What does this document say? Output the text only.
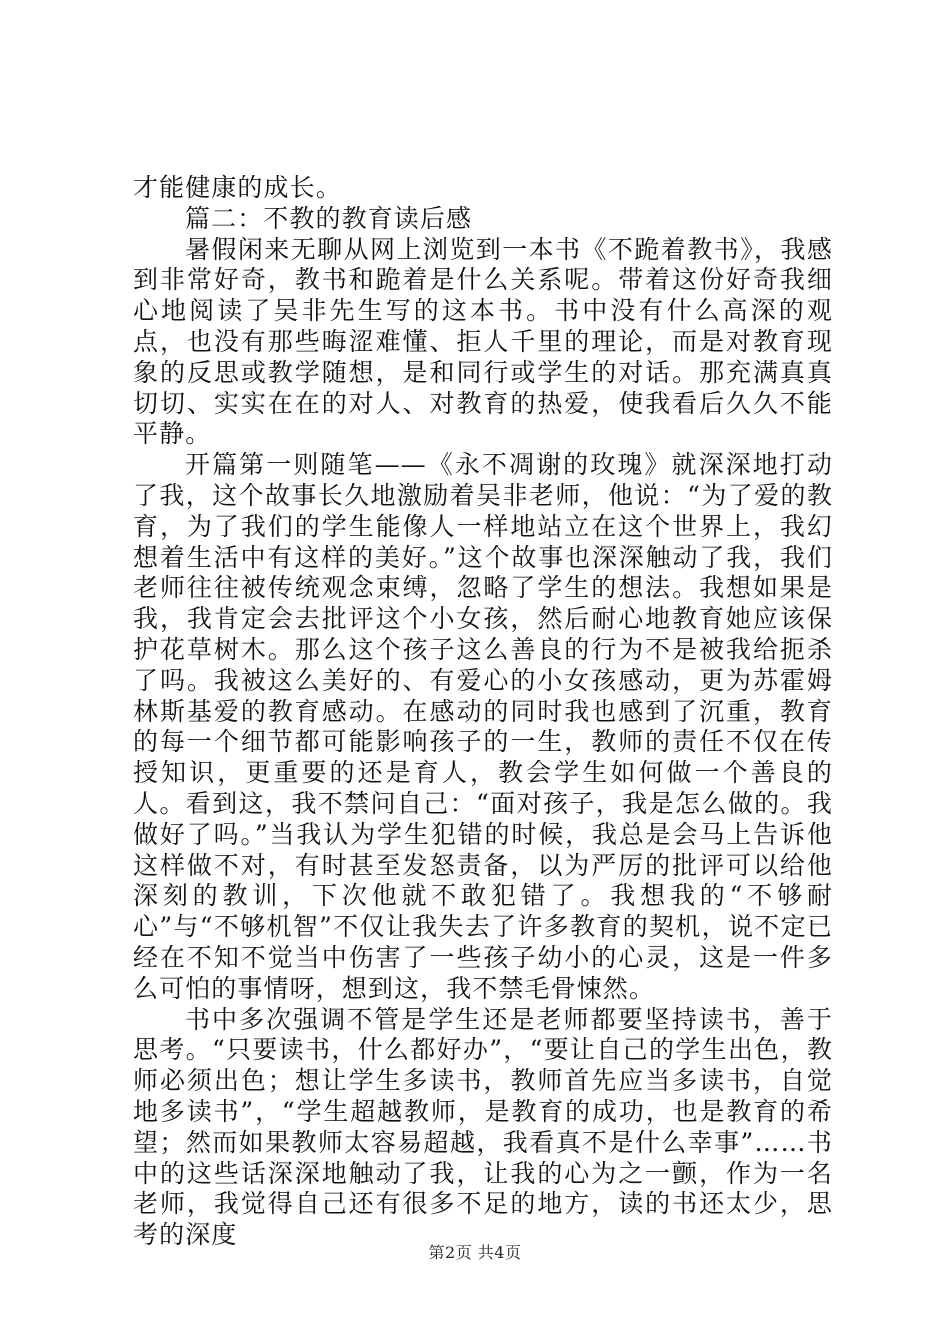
才能健康的成长。

篇二：不教的教育读后感

暑假闲来无聊从网上浏览到一本书《不跪着教书》，我感到非常好奇，教书和跪着是什么关系呢。带着这份好奇我细心地阅读了吴非先生写的这本书。书中没有什么高深的观点，也没有那些晦涩难懂、拒人千里的理论，而是对教育现象的反思或教学随想，是和同行或学生的对话。那充满真真切切、实实在在的对人、对教育的热爱，使我看后久久不能平静。

开篇第一则随笔——《永不凋谢的玫瑰》就深深地打动了我，这个故事长久地激励着吴非老师，他说：“为了爱的教育，为了我们的学生能像人一样地站立在这个世界上，我幻想着生活中有这样的美好。”这个故事也深深触动了我，我们老师往往被传统观念束缚，忽略了学生的想法。我想如果是我，我肯定会去批评这个小女孩，然后耐心地教育她应该保护花草树木。那么这个孩子这么善良的行为不是被我给扼杀了吗。我被这么美好的、有爱心的小女孩感动，更为苏霍姆林斯基爱的教育感动。在感动的同时我也感到了沉重，教育的每一个细节都可能影响孩子的一生，教师的责任不仅在传授知识，更重要的还是育人，教会学生如何做一个善良的人。看到这，我不禁问自己：“面对孩子，我是怎么做的。我做好了吗。”当我认为学生犯错的时候，我总是会马上告诉他这样做不对，有时甚至发怒责备，以为严厉的批评可以给他深刻的教训，下次他就不敢犯错了。我想我的“不够耐心”与“不够机智”不仅让我失去了许多教育的契机，说不定已经在不知不觉当中伤害了一些孩子幼小的心灵，这是一件多么可怕的事情呀，想到这，我不禁毛骨悚然。

书中多次强调不管是学生还是老师都要坚持读书，善于思考。“只要读书，什么都好办”，“要让自己的学生出色，教师必须出色；想让学生多读书，教师首先应当多读书，自觉地多读书”，“学生超越教师，是教育的成功，也是教育的希望；然而如果教师太容易超越，我看真不是什么幸事”……书中的这些话深深地触动了我，让我的心为之一颤，作为一名老师，我觉得自己还有很多不足的地方，读的书还太少，思考的深度

第2页 共4页
